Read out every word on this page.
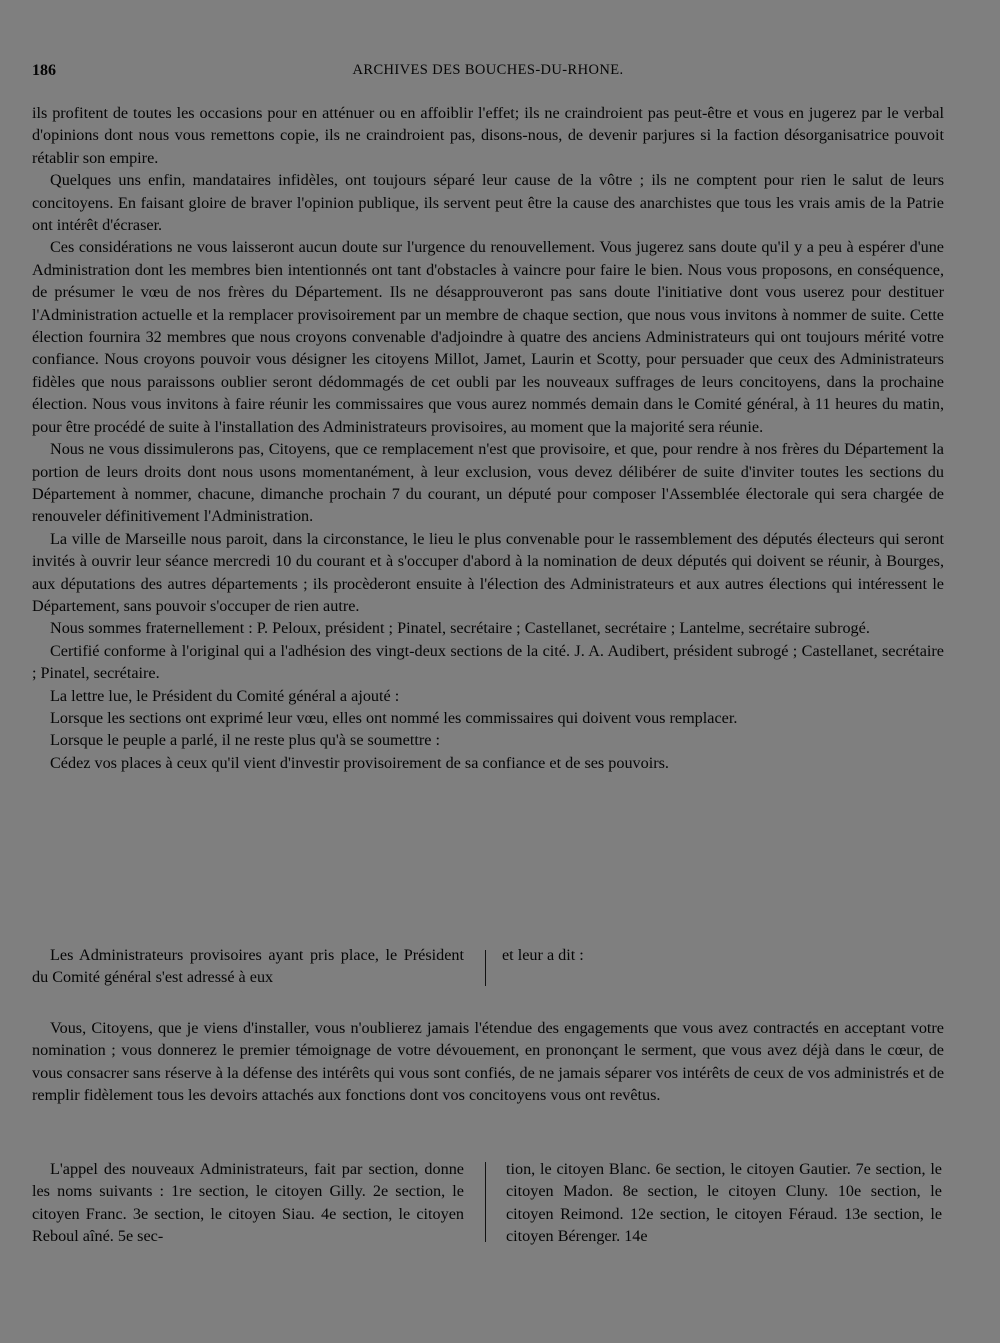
186	ARCHIVES DES BOUCHES-DU-RHONE.

ils profitent de toutes les occasions pour en atténuer ou en affoiblir l'effet; ils ne craindroient pas peut-être et vous en jugerez par le verbal d'opinions dont nous vous remettons copie, ils ne craindroient pas, disons-nous, de devenir parjures si la faction désorganisatrice pouvoit rétablir son empire.

Quelques uns enfin, mandataires infidèles, ont toujours séparé leur cause de la vôtre ; ils ne comptent pour rien le salut de leurs concitoyens. En faisant gloire de braver l'opinion publique, ils servent peut être la cause des anarchistes que tous les vrais amis de la Patrie ont intérêt d'écraser.

Ces considérations ne vous laisseront aucun doute sur l'urgence du renouvellement. Vous jugerez sans doute qu'il y a peu à espérer d'une Administration dont les membres bien intentionnés ont tant d'obstacles à vaincre pour faire le bien. Nous vous proposons, en conséquence, de présumer le vœu de nos frères du Département. Ils ne désapprouveront pas sans doute l'initiative dont vous userez pour destituer l'Administration actuelle et la remplacer provisoirement par un membre de chaque section, que nous vous invitons à nommer de suite. Cette élection fournira 32 membres que nous croyons convenable d'adjoindre à quatre des anciens Administrateurs qui ont toujours mérité votre confiance. Nous croyons pouvoir vous désigner les citoyens Millot, Jamet, Laurin et Scotty, pour persuader que ceux des Administrateurs fidèles que nous paraissons oublier seront dédommagés de cet oubli par les nouveaux suffrages de leurs concitoyens, dans la prochaine élection. Nous vous invitons à faire réunir les commissaires que vous aurez nommés demain dans le Comité général, à 11 heures du matin, pour être procédé de suite à l'installation des Administrateurs provisoires, au moment que la majorité sera réunie.

Nous ne vous dissimulerons pas, Citoyens, que ce remplacement n'est que provisoire, et que, pour rendre à nos frères du Département la portion de leurs droits dont nous usons momentanément, à leur exclusion, vous devez délibérer de suite d'inviter toutes les sections du Département à nommer, chacune, dimanche prochain 7 du courant, un député pour composer l'Assemblée électorale qui sera chargée de renouveler définitivement l'Administration.

La ville de Marseille nous paroit, dans la circonstance, le lieu le plus convenable pour le rassemblement des députés électeurs qui seront invités à ouvrir leur séance mercredi 10 du courant et à s'occuper d'abord à la nomination de deux députés qui doivent se réunir, à Bourges, aux députations des autres départements ; ils procèderont ensuite à l'élection des Administrateurs et aux autres élections qui intéressent le Département, sans pouvoir s'occuper de rien autre.

Nous sommes fraternellement : P. Peloux, président ; Pinatel, secrétaire ; Castellanet, secrétaire ; Lantelme, secrétaire subrogé.

Certifié conforme à l'original qui a l'adhésion des vingt-deux sections de la cité. J. A. Audibert, président subrogé ; Castellanet, secrétaire ; Pinatel, secrétaire.

La lettre lue, le Président du Comité général a ajouté :

Lorsque les sections ont exprimé leur vœu, elles ont nommé les commissaires qui doivent vous remplacer.

Lorsque le peuple a parlé, il ne reste plus qu'à se soumettre :

Cédez vos places à ceux qu'il vient d'investir provisoirement de sa confiance et de ses pouvoirs.

Les Administrateurs provisoires ayant pris place, le Président du Comité général s'est adressé à eux

et leur a dit :

Vous, Citoyens, que je viens d'installer, vous n'oublierez jamais l'étendue des engagements que vous avez contractés en acceptant votre nomination ; vous donnerez le premier témoignage de votre dévouement, en prononçant le serment, que vous avez déjà dans le cœur, de vous consacrer sans réserve à la défense des intérêts qui vous sont confiés, de ne jamais séparer vos intérêts de ceux de vos administrés et de remplir fidèlement tous les devoirs attachés aux fonctions dont vos concitoyens vous ont revêtus.

L'appel des nouveaux Administrateurs, fait par section, donne les noms suivants : 1re section, le citoyen Gilly. 2e section, le citoyen Franc. 3e section, le citoyen Siau. 4e section, le citoyen Reboul aîné. 5e sec-

tion, le citoyen Blanc. 6e section, le citoyen Gautier. 7e section, le citoyen Madon. 8e section, le citoyen Cluny. 10e section, le citoyen Reimond. 12e section, le citoyen Féraud. 13e section, le citoyen Bérenger. 14e
